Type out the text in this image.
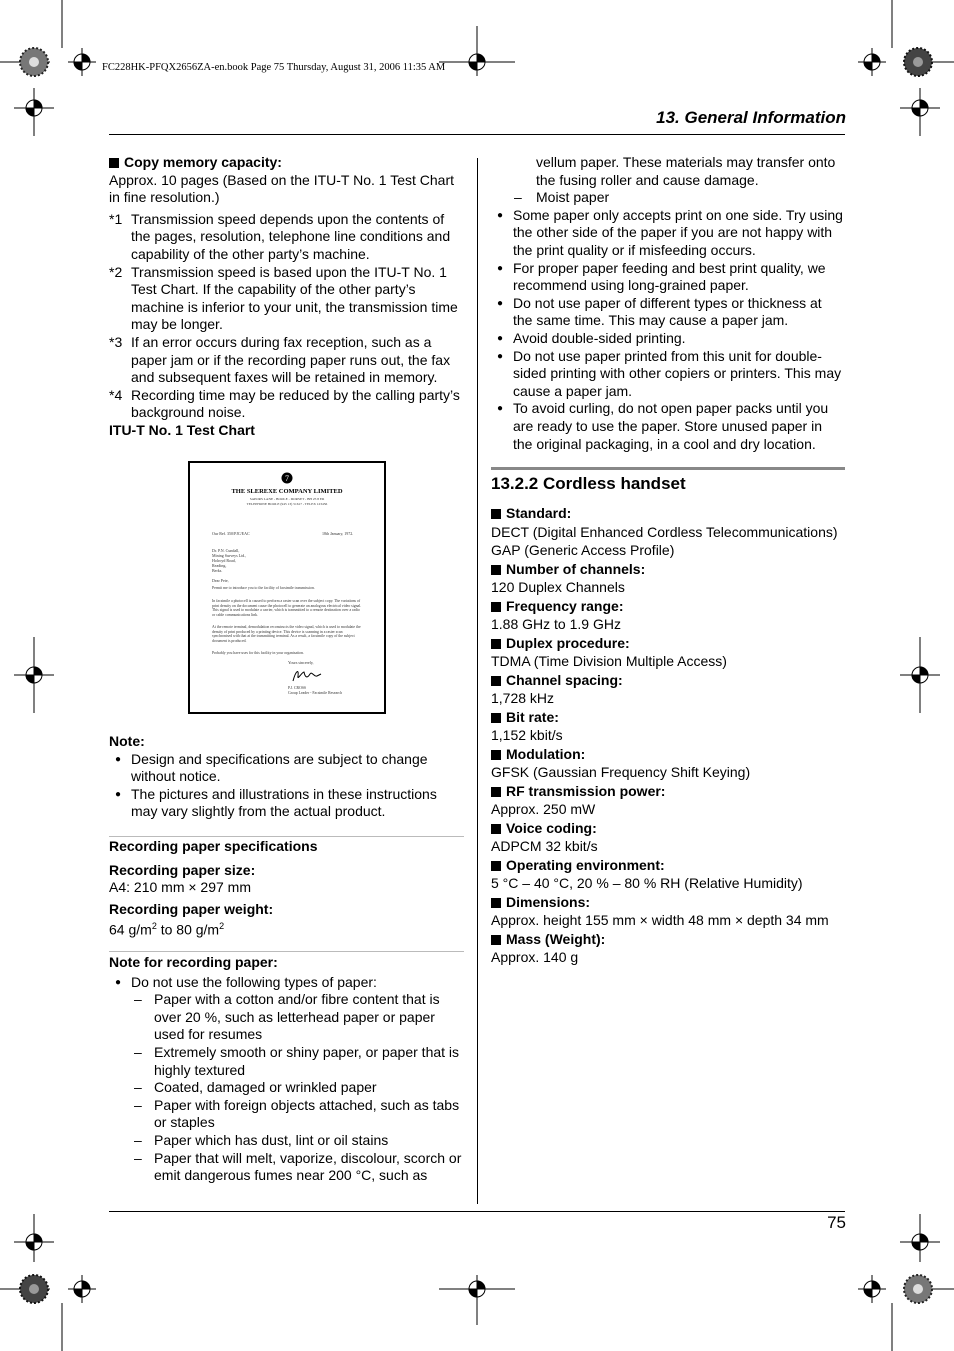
FC228HK-PFQX2656ZA-en.book Page 75 Thursday, August 31, 2006 11:35 AM
13. General Information

Copy memory capacity:

Approx. 10 pages (Based on the ITU-T No. 1 Test Chart in fine resolution.)

*1 Transmission speed depends upon the contents of the pages, resolution, telephone line conditions and capability of the other party’s machine.

*2 Transmission speed is based upon the ITU-T No. 1 Test Chart. If the capability of the other party’s machine is inferior to your unit, the transmission time may be longer.

*3 If an error occurs during fax reception, such as a paper jam or if the recording paper runs out, the fax and subsequent faxes will be retained in memory.

*4 Recording time may be reduced by the calling party’s background noise.

ITU-T No. 1 Test Chart

7
THE SLEREXE COMPANY LIMITED
SAPORS LANE - BOOLE - DORSET - BH 25 8 ER
TELEPHONE BOOLE (945 13) 51617 - TELEX 123456
Our Ref. 350/PJC/EAC	18th January, 1972.
Dr. P.N. Cundall,
Mining Surveys Ltd.,
Holroyd Road,
Reading,
Berks.
Dear Pete,
Permit me to introduce you to the facility of facsimile transmission.
In facsimile a photocell is caused to perform a raster scan over the subject copy. The variations of print density on the document cause the photocell to generate an analogous electrical video signal. This signal is used to modulate a carrier, which is transmitted to a remote destination over a radio or cable communications link.
At the remote terminal, demodulation reconstructs the video signal, which is used to modulate the density of print produced by a printing device. This device is scanning in a raster scan synchronised with that at the transmitting terminal. As a result, a facsimile copy of the subject document is produced.
Probably you have uses for this facility in your organisation.
Yours sincerely,
P.J. CROSS
Group Leader - Facsimile Research

Note:

● Design and specifications are subject to change without notice.

● The pictures and illustrations in these instructions may vary slightly from the actual product.

Recording paper specifications

Recording paper size:

A4: 210 mm × 297 mm

Recording paper weight:

64 $g/m^2$ to 80 $g/m^2$

Note for recording paper:

● Do not use the following types of paper:

– Paper with a cotton and/or fibre content that is over 20 %, such as letterhead paper or paper used for resumes

– Extremely smooth or shiny paper, or paper that is highly textured

– Coated, damaged or wrinkled paper

– Paper with foreign objects attached, such as tabs or staples

– Paper which has dust, lint or oil stains

– Paper that will melt, vaporize, discolour, scorch or emit dangerous fumes near 200 °C, such as

vellum paper. These materials may transfer onto the fusing roller and cause damage.

– Moist paper

● Some paper only accepts print on one side. Try using the other side of the paper if you are not happy with the print quality or if misfeeding occurs.

● For proper paper feeding and best print quality, we recommend using long-grained paper.

● Do not use paper of different types or thickness at the same time. This may cause a paper jam.

● Avoid double-sided printing.

● Do not use paper printed from this unit for double-sided printing with other copiers or printers. This may cause a paper jam.

● To avoid curling, do not open paper packs until you are ready to use the paper. Store unused paper in the original packaging, in a cool and dry location.

13.2.2 Cordless handset

Standard:

DECT (Digital Enhanced Cordless Telecommunications) GAP (Generic Access Profile)

Number of channels:

120 Duplex Channels

Frequency range:

1.88 GHz to 1.9 GHz

Duplex procedure:

TDMA (Time Division Multiple Access)

Channel spacing:

1,728 kHz

Bit rate:

1,152 kbit/s

Modulation:

GFSK (Gaussian Frequency Shift Keying)

RF transmission power:

Approx. 250 mW

Voice coding:

ADPCM 32 kbit/s

Operating environment:

5 °C – 40 °C, 20 % – 80 % RH (Relative Humidity)

Dimensions:

Approx. height 155 mm × width 48 mm × depth 34 mm

Mass (Weight):

Approx. 140 g

75
